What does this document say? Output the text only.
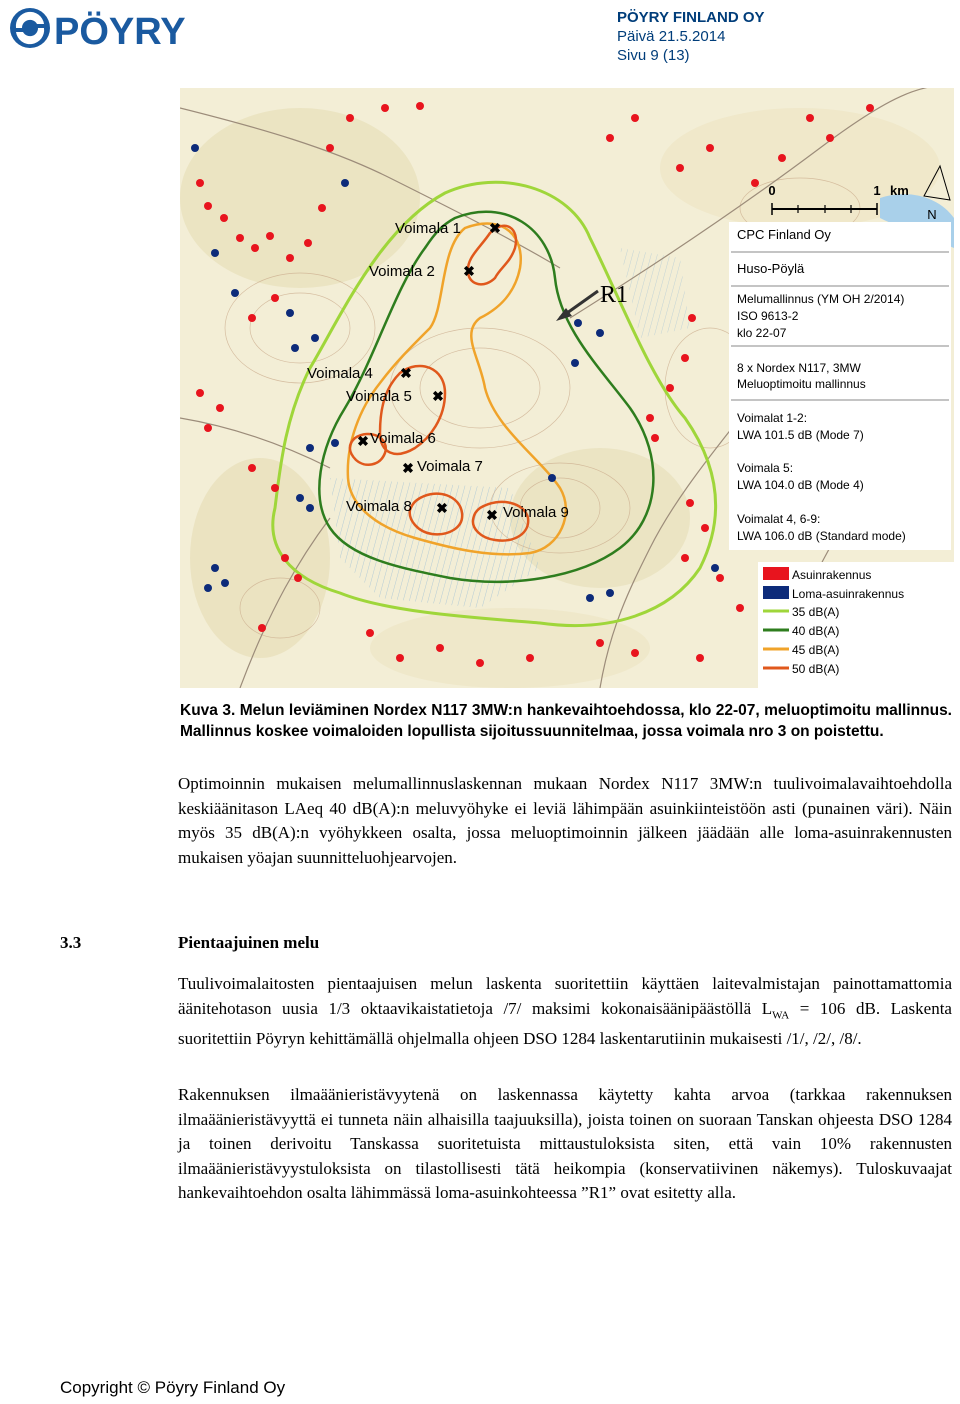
PÖYRY	PÖYRY FINLAND OY
Päivä 21.5.2014
Sivu 9 (13)
✖
✖
✖
✖
✖
✖
✖	✖
Voimala 1
Voimala 2
Voimala 4
Voimala 5
Voimala 6
Voimala 7
Voimala 8	Voimala 9
R1
0	1 km
N
CPC Finland Oy
Huso-Pöylä
Melumallinnus (YM OH 2/2014)
ISO 9613-2
klo 22-07
8 x Nordex N117, 3MW
Meluoptimoitu mallinnus
Voimalat 1-2:
LWA 101.5 dB (Mode 7)
Voimala 5:
LWA 104.0 dB (Mode 4)
Voimalat 4, 6-9:
LWA 106.0 dB (Standard mode)
Asuinrakennus
Loma-asuinrakennus
35 dB(A)
40 dB(A)
45 dB(A)
50 dB(A)
Kuva 3. Melun leviäminen Nordex N117 3MW:n hankevaihtoehdossa, klo 22-07, meluoptimoitu mallinnus. Mallinnus koskee voimaloiden lopullista sijoitussuunnitelmaa, jossa voimala nro 3 on poistettu.
Optimoinnin mukaisen melumallinnuslaskennan mukaan Nordex N117 3MW:n tuulivoimalavaihtoehdolla keskiäänitason LAeq 40 dB(A):n meluvyöhyke ei leviä lähimpään asuinkiinteistöön asti (punainen väri). Näin myös 35 dB(A):n vyöhykkeen osalta, jossa meluoptimoinnin jälkeen jäädään alle loma-asuinrakennusten mukaisen yöajan suunnitteluohjearvojen.
3.3	Pientaajuinen melu
Tuulivoimalaitosten pientaajuisen melun laskenta suoritettiin käyttäen laitevalmistajan painottamattomia äänitehotason uusia 1/3 oktaavikaistatietoja /7/ maksimi kokonaisäänipäästöllä $L_{WA} = 106$ dB. Laskenta suoritettiin Pöyryn kehittämällä ohjelmalla ohjeen DSO 1284 laskentarutiinin mukaisesti /1/, /2/, /8/.
Rakennuksen ilmaäänieristävyytenä on laskennassa käytetty kahta arvoa (tarkkaa rakennuksen ilmaäänieristävyyttä ei tunneta näin alhaisilla taajuuksilla), joista toinen on suoraan Tanskan ohjeesta DSO 1284 ja toinen derivoitu Tanskassa suoritetuista mittaustuloksista siten, että vain 10% rakennusten ilmaäänieristävyystuloksista on tilastollisesti tätä heikompia (konservatiivinen näkemys). Tuloskuvaajat hankevaihtoehdon osalta lähimmässä loma-asuinkohteessa ”R1” ovat esitetty alla.
Copyright © Pöyry Finland Oy
